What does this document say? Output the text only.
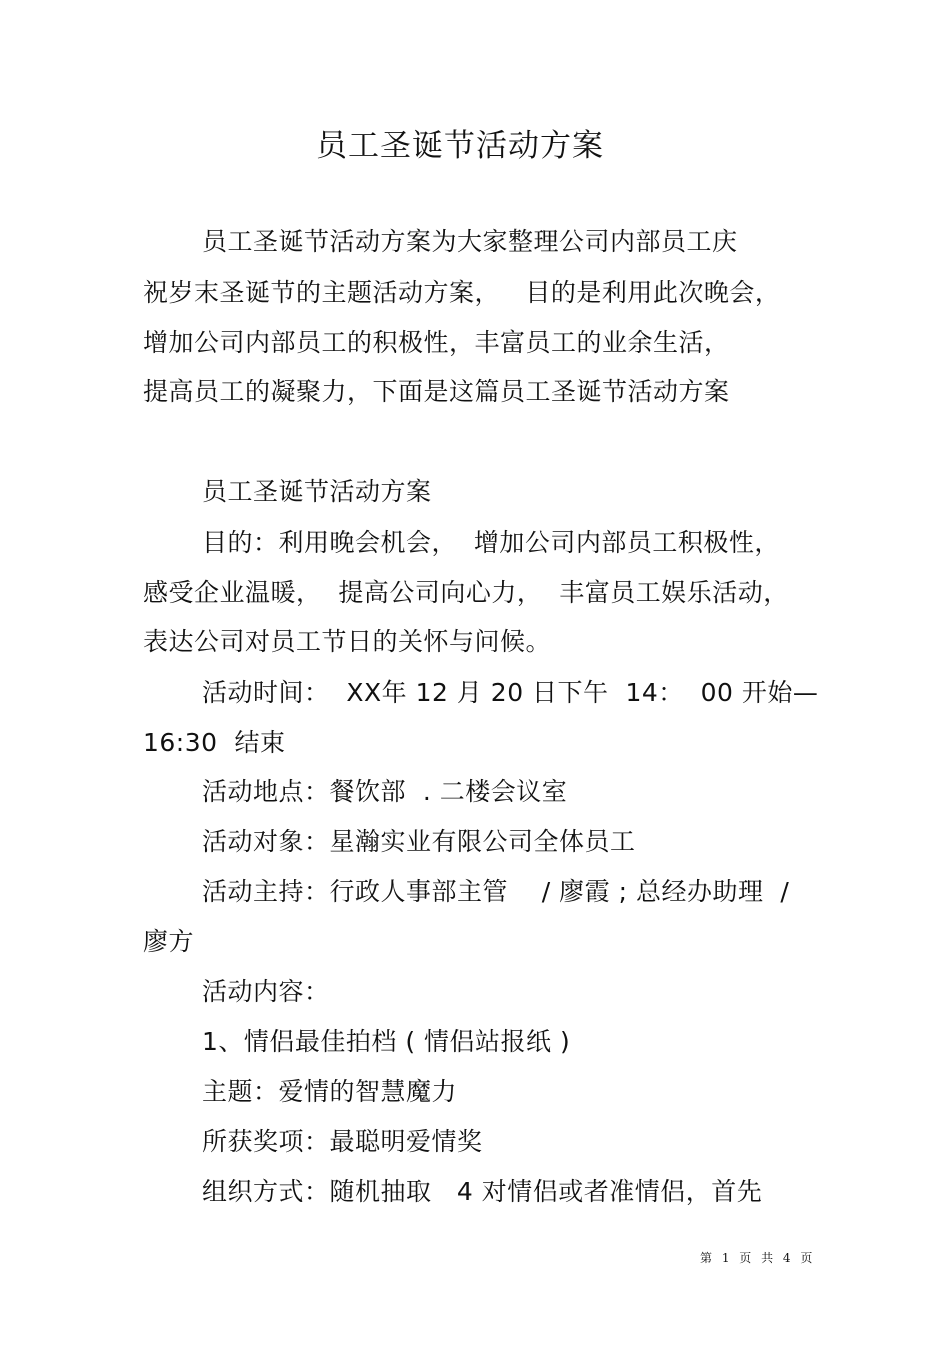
员工圣诞节活动方案
员工圣诞节活动方案为大家整理公司内部员工庆
祝岁末圣诞节的主题活动方案，   目的是利用此次晚会，
增加公司内部员工的积极性，丰富员工的业余生活，
提高员工的凝聚力，下面是这篇员工圣诞节活动方案
员工圣诞节活动方案
目的：利用晚会机会，  增加公司内部员工积极性，
感受企业温暖，  提高公司向心力，  丰富员工娱乐活动，
表达公司对员工节日的关怀与问候。
活动时间：  XX年 12 月 20 日下午  14：  00 开始—
16:30  结束
活动地点：餐饮部  . 二楼会议室
活动对象：星瀚实业有限公司全体员工
活动主持：行政人事部主管    / 廖霞 ; 总经办助理  /
廖方
活动内容：
1、情侣最佳拍档 ( 情侣站报纸 )
主题：爱情的智慧魔力
所获奖项：最聪明爱情奖
组织方式：随机抽取   4 对情侣或者准情侣，首先
第 1 页 共 4 页
